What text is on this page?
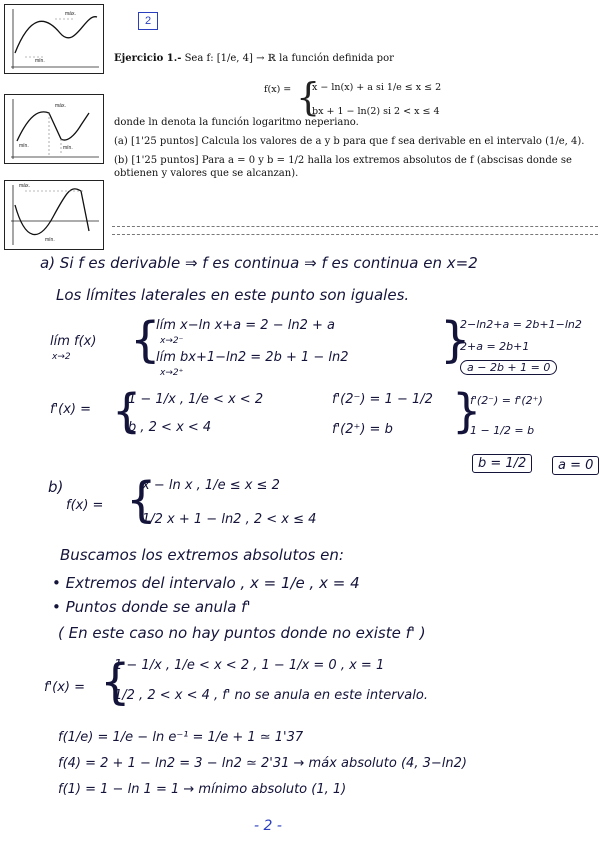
máx.
mín.
máx.
mín.	mín.
máx.
mín.
2

Ejercicio 1.- Sea f: [1/e, 4] → ℝ la función definida por

f(x) = {
x − ln(x) + a si 1/e ≤ x ≤ 2
bx + 1 − ln(2) si 2 < x ≤ 4

donde ln denota la función logaritmo neperiano.

(a) [1'25 puntos] Calcula los valores de a y b para que f sea derivable en el intervalo (1/e, 4).

(b) [1'25 puntos] Para a = 0 y b = 1/2 halla los extremos absolutos de f (abscisas donde se obtienen y valores que se alcanzan).

a) Si f es derivable ⇒ f es continua ⇒ f es continua en x=2
Los límites laterales en este punto son iguales.
lím f(x)
x→2 {
lím x−ln x+a = 2 − ln2 + a
x→2⁻
lím bx+1−ln2 = 2b + 1 − ln2
x→2⁺
}
2−ln2+a = 2b+1−ln2
2+a = 2b+1
a − 2b + 1 = 0
f'(x) = {
1 − 1/x , 1/e < x < 2
b , 2 < x < 4
f'(2⁻) = 1 − 1/2
f'(2⁺) = b }
f'(2⁻) = f'(2⁺)
1 − 1/2 = b
b = 1/2	a = 0
b)
f(x) = {
x − ln x , 1/e ≤ x ≤ 2
1/2 x + 1 − ln2 , 2 < x ≤ 4
Buscamos los extremos absolutos en:
• Extremos del intervalo , x = 1/e , x = 4
• Puntos donde se anula f'
( En este caso no hay puntos donde no existe f' )
f'(x) = {
1 − 1/x , 1/e < x < 2 , 1 − 1/x = 0 , x = 1
1/2 , 2 < x < 4 , f' no se anula en este intervalo.
f(1/e) = 1/e − ln e⁻¹ = 1/e + 1 ≃ 1'37
f(4) = 2 + 1 − ln2 = 3 − ln2 ≃ 2'31 → máx absoluto (4, 3−ln2)
f(1) = 1 − ln 1 = 1 → mínimo absoluto (1, 1)
- 2 -
